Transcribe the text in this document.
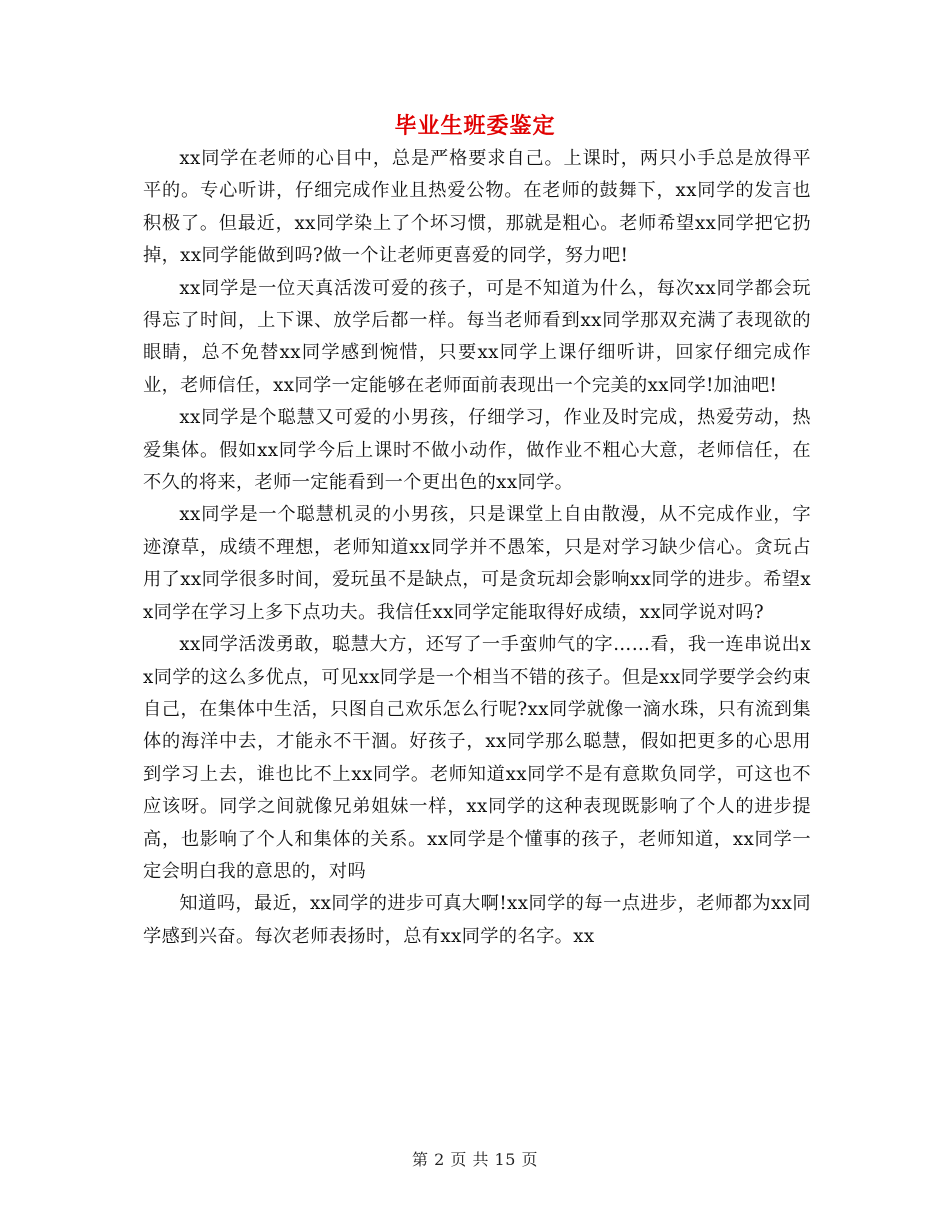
毕业生班委鉴定

xx同学在老师的心目中，总是严格要求自己。上课时，两只小手总是放得平平的。专心听讲，仔细完成作业且热爱公物。在老师的鼓舞下，xx同学的发言也积极了。但最近，xx同学染上了个坏习惯，那就是粗心。老师希望xx同学把它扔掉，xx同学能做到吗?做一个让老师更喜爱的同学，努力吧!

xx同学是一位天真活泼可爱的孩子，可是不知道为什么，每次xx同学都会玩得忘了时间，上下课、放学后都一样。每当老师看到xx同学那双充满了表现欲的眼睛，总不免替xx同学感到惋惜，只要xx同学上课仔细听讲，回家仔细完成作业，老师信任，xx同学一定能够在老师面前表现出一个完美的xx同学!加油吧!

xx同学是个聪慧又可爱的小男孩，仔细学习，作业及时完成，热爱劳动，热爱集体。假如xx同学今后上课时不做小动作，做作业不粗心大意，老师信任，在不久的将来，老师一定能看到一个更出色的xx同学。

xx同学是一个聪慧机灵的小男孩，只是课堂上自由散漫，从不完成作业，字迹潦草，成绩不理想，老师知道xx同学并不愚笨，只是对学习缺少信心。贪玩占用了xx同学很多时间，爱玩虽不是缺点，可是贪玩却会影响xx同学的进步。希望xx同学在学习上多下点功夫。我信任xx同学定能取得好成绩，xx同学说对吗?

xx同学活泼勇敢，聪慧大方，还写了一手蛮帅气的字……看，我一连串说出xx同学的这么多优点，可见xx同学是一个相当不错的孩子。但是xx同学要学会约束自己，在集体中生活，只图自己欢乐怎么行呢?xx同学就像一滴水珠，只有流到集体的海洋中去，才能永不干涸。好孩子，xx同学那么聪慧，假如把更多的心思用到学习上去，谁也比不上xx同学。老师知道xx同学不是有意欺负同学，可这也不应该呀。同学之间就像兄弟姐妹一样，xx同学的这种表现既影响了个人的进步提高，也影响了个人和集体的关系。xx同学是个懂事的孩子，老师知道，xx同学一定会明白我的意思的，对吗

知道吗，最近，xx同学的进步可真大啊!xx同学的每一点进步，老师都为xx同学感到兴奋。每次老师表扬时，总有xx同学的名字。xx

第 2 页 共 15 页
